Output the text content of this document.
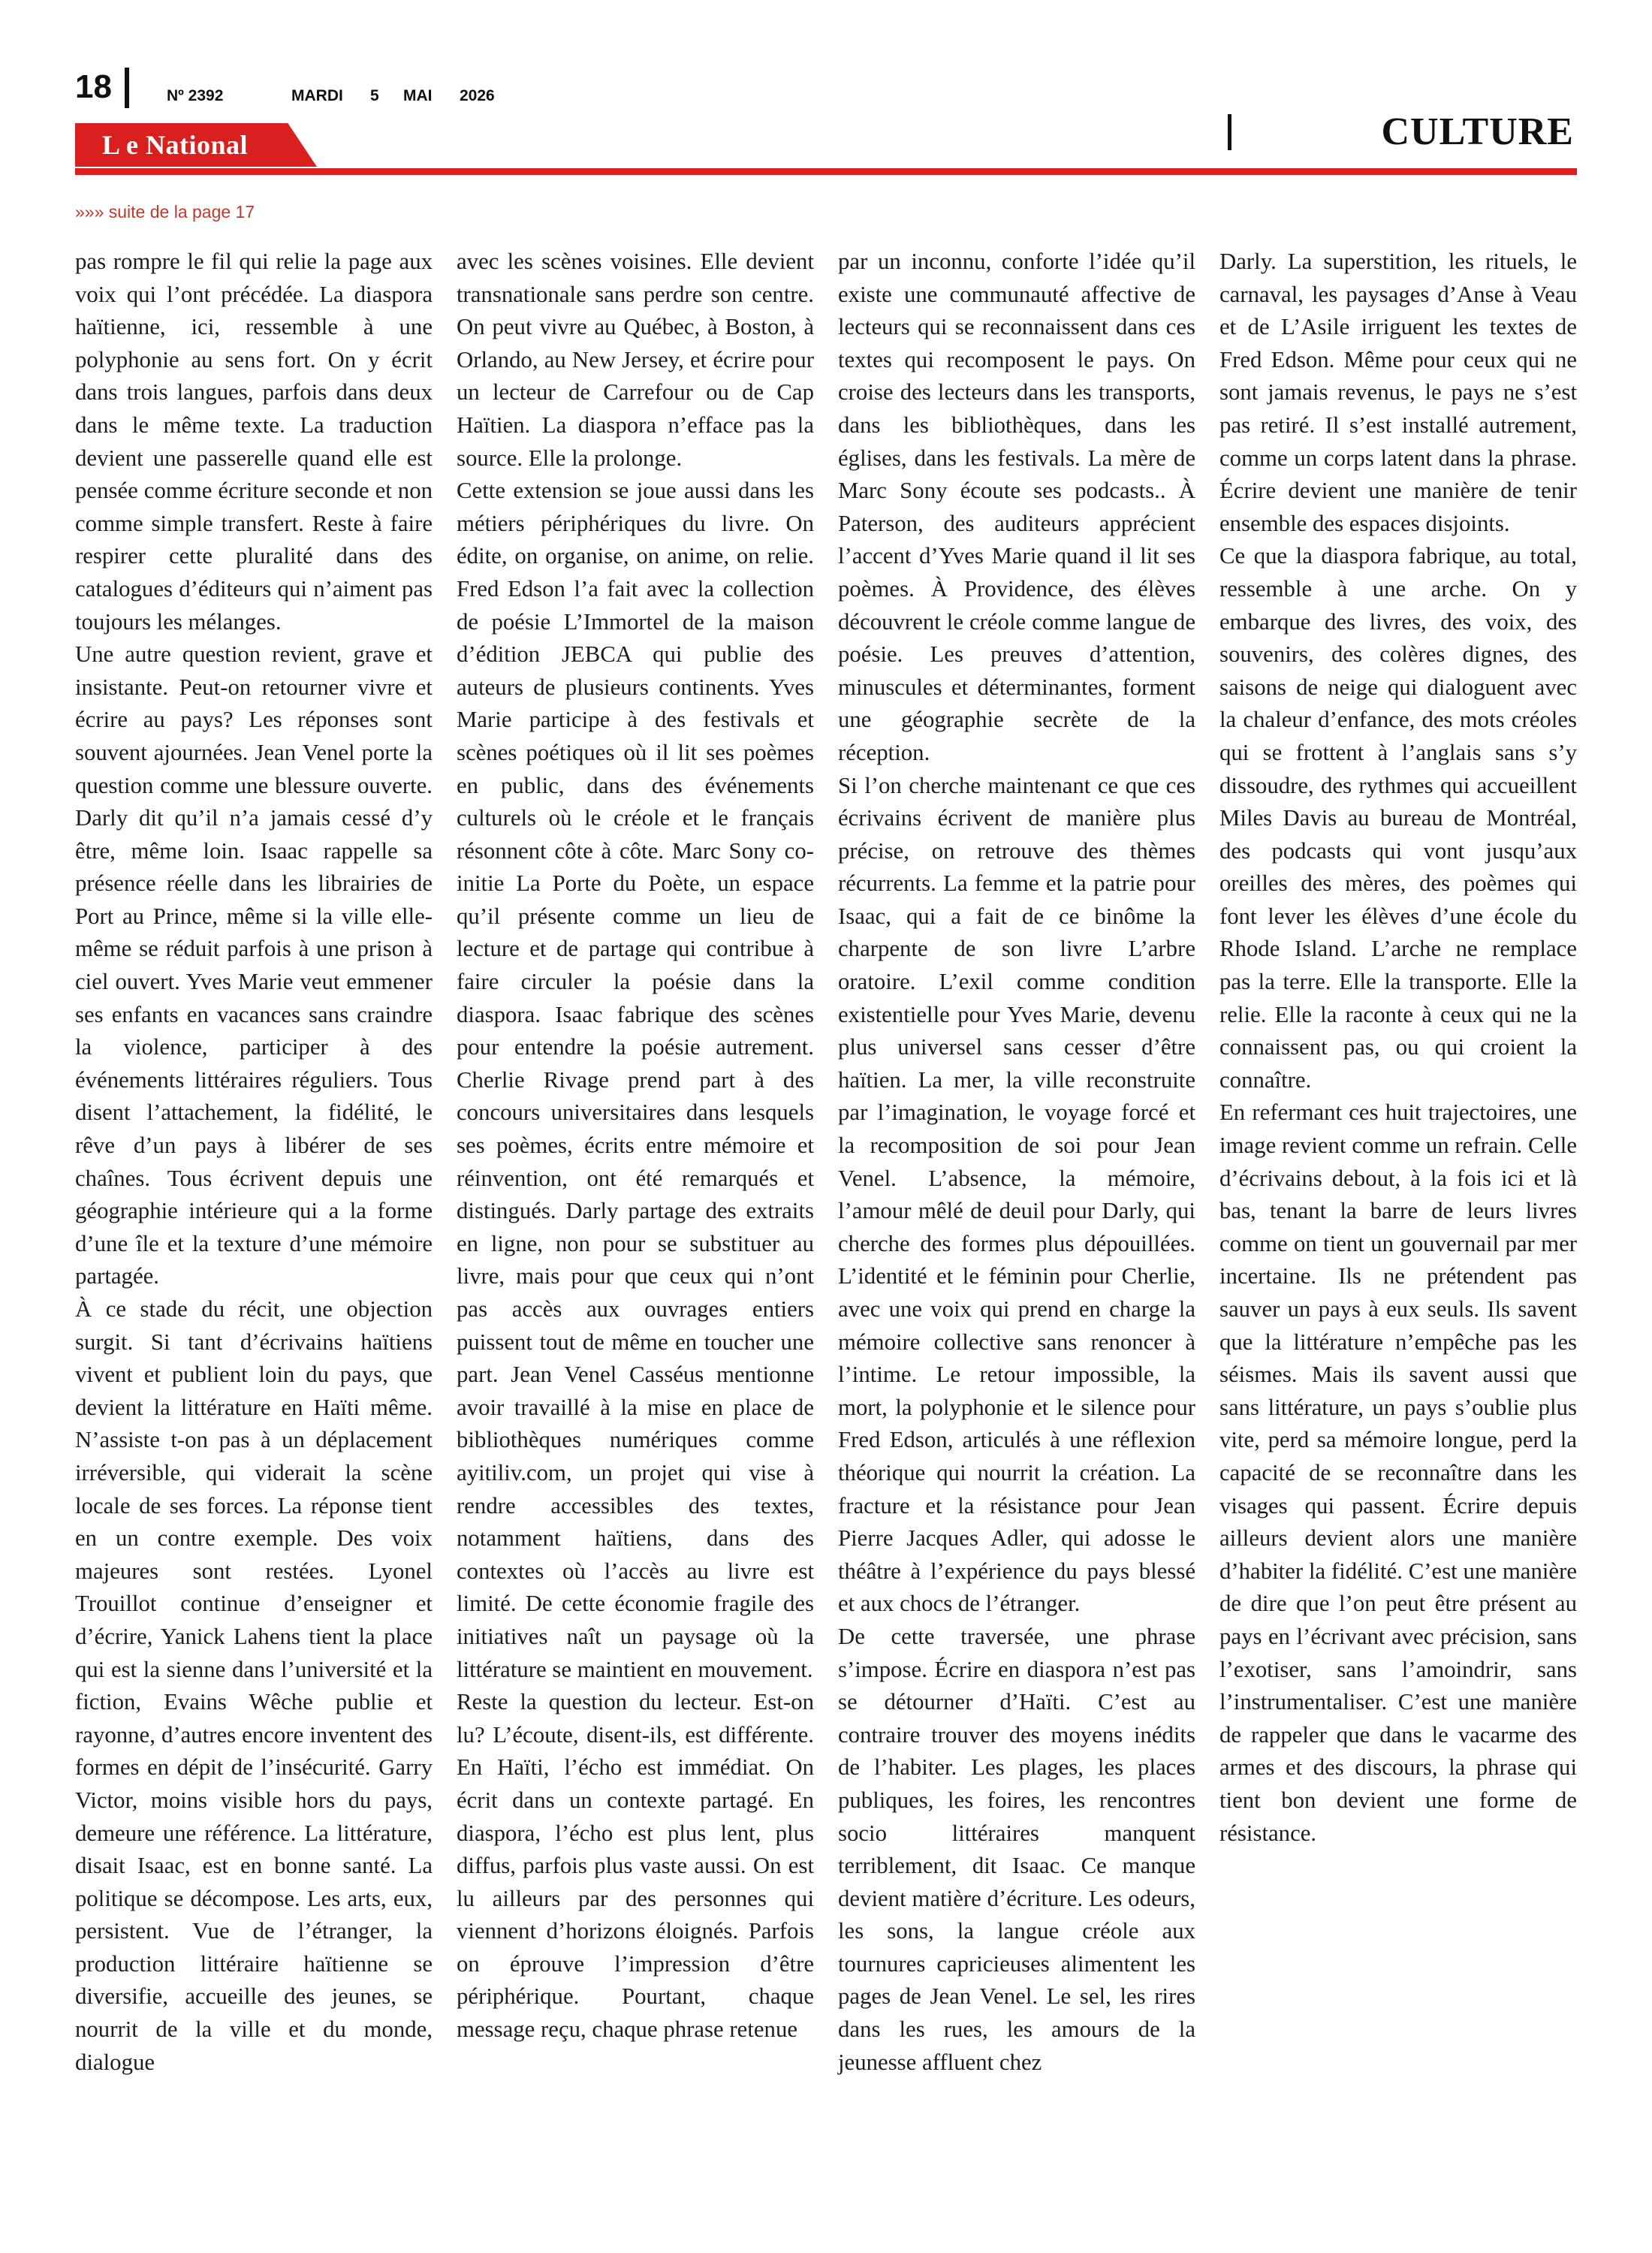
18	Nº 2392	MARDI 5 MAI 2026
CULTURE
L e National
»»» suite de la page 17

pas rompre le fil qui relie la page aux voix qui l’ont précédée. La diaspora haïtienne, ici, ressemble à une polyphonie au sens fort. On y écrit dans trois langues, parfois dans deux dans le même texte. La traduction devient une passerelle quand elle est pensée comme écriture seconde et non comme simple transfert. Reste à faire respirer cette pluralité dans des catalogues d’éditeurs qui n’aiment pas toujours les mélanges.

Une autre question revient, grave et insistante. Peut-on retourner vivre et écrire au pays? Les réponses sont souvent ajournées. Jean Venel porte la question comme une blessure ouverte. Darly dit qu’il n’a jamais cessé d’y être, même loin. Isaac rappelle sa présence réelle dans les librairies de Port au Prince, même si la ville elle-même se réduit parfois à une prison à ciel ouvert. Yves Marie veut emmener ses enfants en vacances sans craindre la violence, participer à des événements littéraires réguliers. Tous disent l’attachement, la fidélité, le rêve d’un pays à libérer de ses chaînes. Tous écrivent depuis une géographie intérieure qui a la forme d’une île et la texture d’une mémoire partagée.

À ce stade du récit, une objection surgit. Si tant d’écrivains haïtiens vivent et publient loin du pays, que devient la littérature en Haïti même. N’assiste t-on pas à un déplacement irréversible, qui viderait la scène locale de ses forces. La réponse tient en un contre exemple. Des voix majeures sont restées. Lyonel Trouillot continue d’enseigner et d’écrire, Yanick Lahens tient la place qui est la sienne dans l’université et la fiction, Evains Wêche publie et rayonne, d’autres encore inventent des formes en dépit de l’insécurité. Garry Victor, moins visible hors du pays, demeure une référence. La littérature, disait Isaac, est en bonne santé. La politique se décompose. Les arts, eux, persistent. Vue de l’étranger, la production littéraire haïtienne se diversifie, accueille des jeunes, se nourrit de la ville et du monde, dialogue

avec les scènes voisines. Elle devient transnationale sans perdre son centre. On peut vivre au Québec, à Boston, à Orlando, au New Jersey, et écrire pour un lecteur de Carrefour ou de Cap Haïtien. La diaspora n’efface pas la source. Elle la prolonge.

Cette extension se joue aussi dans les métiers périphériques du livre. On édite, on organise, on anime, on relie. Fred Edson l’a fait avec la collection de poésie L’Immortel de la maison d’édition JEBCA qui publie des auteurs de plusieurs continents. Yves Marie participe à des festivals et scènes poétiques où il lit ses poèmes en public, dans des événements culturels où le créole et le français résonnent côte à côte. Marc Sony co-initie La Porte du Poète, un espace qu’il présente comme un lieu de lecture et de partage qui contribue à faire circuler la poésie dans la diaspora. Isaac fabrique des scènes pour entendre la poésie autrement. Cherlie Rivage prend part à des concours universitaires dans lesquels ses poèmes, écrits entre mémoire et réinvention, ont été remarqués et distingués. Darly partage des extraits en ligne, non pour se substituer au livre, mais pour que ceux qui n’ont pas accès aux ouvrages entiers puissent tout de même en toucher une part. Jean Venel Casséus mentionne avoir travaillé à la mise en place de bibliothèques numériques comme ayitiliv.com, un projet qui vise à rendre accessibles des textes, notamment haïtiens, dans des contextes où l’accès au livre est limité. De cette économie fragile des initiatives naît un paysage où la littérature se maintient en mouvement.

Reste la question du lecteur. Est-on lu? L’écoute, disent-ils, est différente. En Haïti, l’écho est immédiat. On écrit dans un contexte partagé. En diaspora, l’écho est plus lent, plus diffus, parfois plus vaste aussi. On est lu ailleurs par des personnes qui viennent d’horizons éloignés. Parfois on éprouve l’impression d’être périphérique. Pourtant, chaque message reçu, chaque phrase retenue

par un inconnu, conforte l’idée qu’il existe une communauté affective de lecteurs qui se reconnaissent dans ces textes qui recomposent le pays. On croise des lecteurs dans les transports, dans les bibliothèques, dans les églises, dans les festivals. La mère de Marc Sony écoute ses podcasts.. À Paterson, des auditeurs apprécient l’accent d’Yves Marie quand il lit ses poèmes. À Providence, des élèves découvrent le créole comme langue de poésie. Les preuves d’attention, minuscules et déterminantes, forment une géographie secrète de la réception.

Si l’on cherche maintenant ce que ces écrivains écrivent de manière plus précise, on retrouve des thèmes récurrents. La femme et la patrie pour Isaac, qui a fait de ce binôme la charpente de son livre L’arbre oratoire. L’exil comme condition existentielle pour Yves Marie, devenu plus universel sans cesser d’être haïtien. La mer, la ville reconstruite par l’imagination, le voyage forcé et la recomposition de soi pour Jean Venel. L’absence, la mémoire, l’amour mêlé de deuil pour Darly, qui cherche des formes plus dépouillées. L’identité et le féminin pour Cherlie, avec une voix qui prend en charge la mémoire collective sans renoncer à l’intime. Le retour impossible, la mort, la polyphonie et le silence pour Fred Edson, articulés à une réflexion théorique qui nourrit la création. La fracture et la résistance pour Jean Pierre Jacques Adler, qui adosse le théâtre à l’expérience du pays blessé et aux chocs de l’étranger.

De cette traversée, une phrase s’impose. Écrire en diaspora n’est pas se détourner d’Haïti. C’est au contraire trouver des moyens inédits de l’habiter. Les plages, les places publiques, les foires, les rencontres socio littéraires manquent terriblement, dit Isaac. Ce manque devient matière d’écriture. Les odeurs, les sons, la langue créole aux tournures capricieuses alimentent les pages de Jean Venel. Le sel, les rires dans les rues, les amours de la jeunesse affluent chez

Darly. La superstition, les rituels, le carnaval, les paysages d’Anse à Veau et de L’Asile irriguent les textes de Fred Edson. Même pour ceux qui ne sont jamais revenus, le pays ne s’est pas retiré. Il s’est installé autrement, comme un corps latent dans la phrase. Écrire devient une manière de tenir ensemble des espaces disjoints.

Ce que la diaspora fabrique, au total, ressemble à une arche. On y embarque des livres, des voix, des souvenirs, des colères dignes, des saisons de neige qui dialoguent avec la chaleur d’enfance, des mots créoles qui se frottent à l’anglais sans s’y dissoudre, des rythmes qui accueillent Miles Davis au bureau de Montréal, des podcasts qui vont jusqu’aux oreilles des mères, des poèmes qui font lever les élèves d’une école du Rhode Island. L’arche ne remplace pas la terre. Elle la transporte. Elle la relie. Elle la raconte à ceux qui ne la connaissent pas, ou qui croient la connaître.

En refermant ces huit trajectoires, une image revient comme un refrain. Celle d’écrivains debout, à la fois ici et là bas, tenant la barre de leurs livres comme on tient un gouvernail par mer incertaine. Ils ne prétendent pas sauver un pays à eux seuls. Ils savent que la littérature n’empêche pas les séismes. Mais ils savent aussi que sans littérature, un pays s’oublie plus vite, perd sa mémoire longue, perd la capacité de se reconnaître dans les visages qui passent. Écrire depuis ailleurs devient alors une manière d’habiter la fidélité. C’est une manière de dire que l’on peut être présent au pays en l’écrivant avec précision, sans l’exotiser, sans l’amoindrir, sans l’instrumentaliser. C’est une manière de rappeler que dans le vacarme des armes et des discours, la phrase qui tient bon devient une forme de résistance.
